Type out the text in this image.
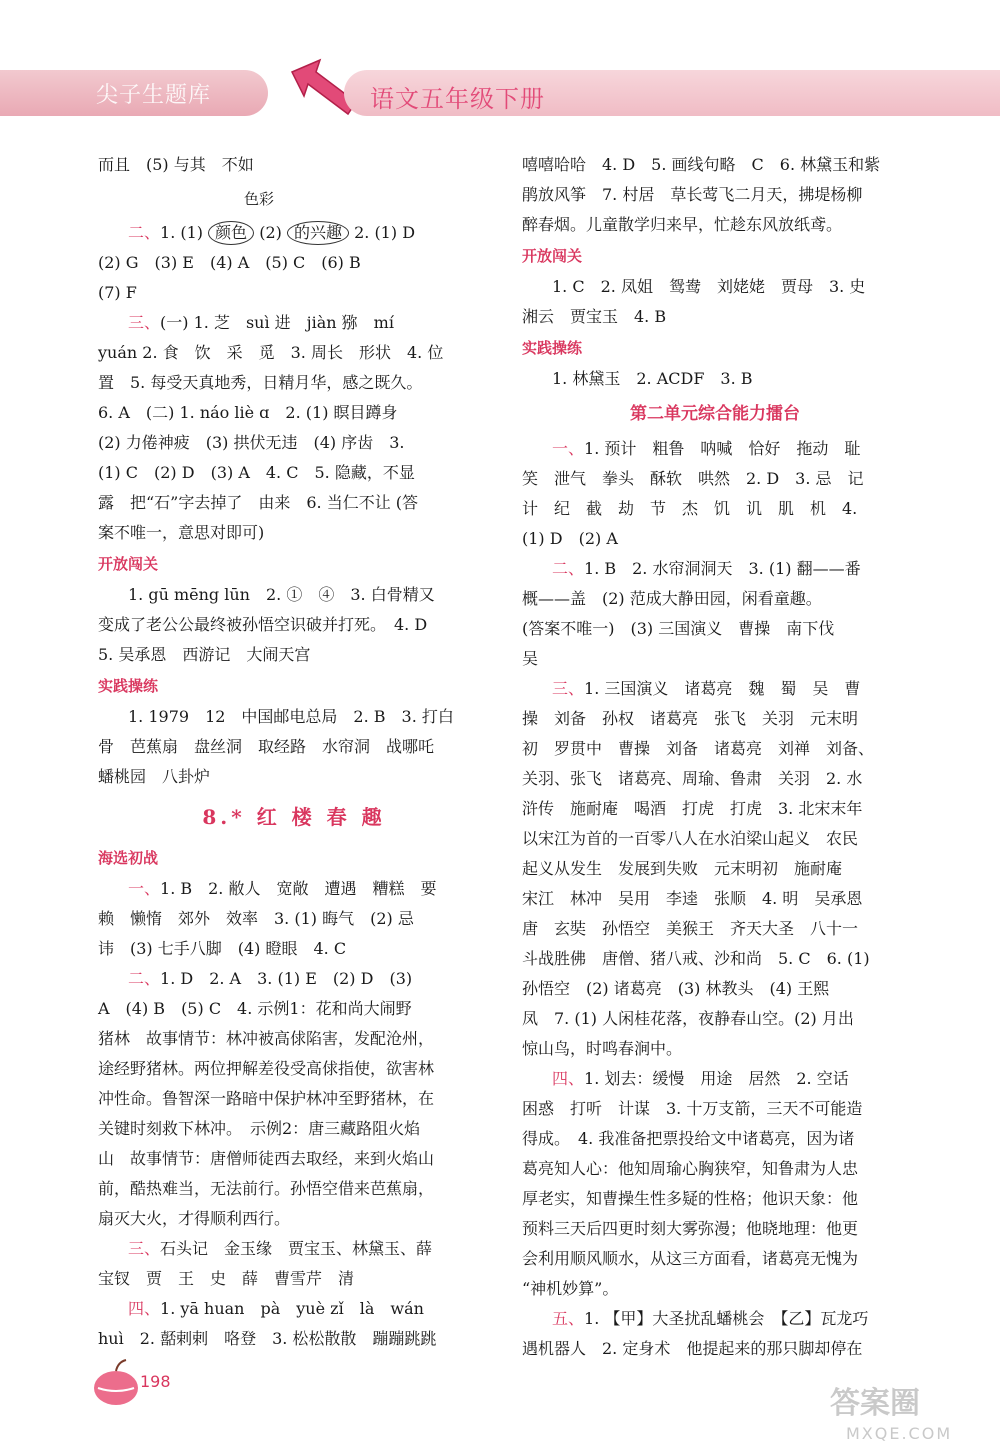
尖子生题库	语文五年级下册
而且　(5) 与其　不如
色彩
二、1. (1) 颜色 (2) 的兴趣 2. (1) D
(2) G　(3) E　(4) A　(5) C　(6) B
(7) F
三、(一) 1. 芝　suì 进　jiàn 猕　mí
yuán 2. 食　饮　采　觅　3. 周长　形状　4. 位
置　5. 每受天真地秀，日精月华，感之既久。
6. A　(二) 1. náo liè ɑ　2. (1) 瞑目蹲身
(2) 力倦神疲　(3) 拱伏无违　(4) 序齿　3.
(1) C　(2) D　(3) A　4. C　5. 隐藏，不显
露　把“石”字去掉了　由来　6. 当仁不让 (答
案不唯一，意思对即可)
开放闯关
1. gū mēng lūn　2. ①　④　3. 白骨精又
变成了老公公最终被孙悟空识破并打死。　4. D
5. 吴承恩　西游记　大闹天宫
实践操练
1. 1979　12　中国邮电总局　2. B　3. 打白
骨　芭蕉扇　盘丝洞　取经路　水帘洞　战哪吒
蟠桃园　八卦炉
8.* 红 楼 春 趣
海选初战
一、1. B　2. 敝人　宽敞　遭遇　糟糕　要
赖　懒惰　郊外　效率　3. (1) 晦气　(2) 忌
讳　(3) 七手八脚　(4) 瞪眼　4. C
二、1. D　2. A　3. (1) E　(2) D　(3)
A　(4) B　(5) C　4. 示例1：花和尚大闹野
猪林　故事情节：林冲被高俅陷害，发配沧州，
途经野猪林。两位押解差役受高俅指使，欲害林
冲性命。鲁智深一路暗中保护林冲至野猪林，在
关键时刻救下林冲。　示例2：唐三藏路阻火焰
山　故事情节：唐僧师徒西去取经，来到火焰山
前，酷热难当，无法前行。孙悟空借来芭蕉扇，
扇灭大火，才得顺利西行。
三、石头记　金玉缘　贾宝玉、林黛玉、薛
宝钗　贾　王　史　薛　曹雪芹　清
四、1. yā huan　pà　yuè zǐ　là　wán
huì　2. 嚭剌剌　咯登　3. 松松散散　蹦蹦跳跳
嘻嘻哈哈　4. D　5. 画线句略　C　6. 林黛玉和紫
鹃放风筝　7. 村居　草长莺飞二月天，拂堤杨柳
醉春烟。儿童散学归来早，忙趁东风放纸鸢。
开放闯关
1. C　2. 凤姐　鸳鸯　刘姥姥　贾母　3. 史
湘云　贾宝玉　4. B
实践操练
1. 林黛玉　2. ACDF　3. B
第二单元综合能力擂台
一、1. 预计　粗鲁　呐喊　恰好　拖动　耻
笑　泄气　拳头　酥软　哄然　2. D　3. 忌　记
计　纪　截　劫　节　杰　饥　讥　肌　机　4.
(1) D　(2) A
二、1. B　2. 水帘洞洞天　3. (1) 翻——番
概——盖　(2) 范成大静田园，闲看童趣。
(答案不唯一)　(3) 三国演义　曹操　南下伐
吴
三、1. 三国演义　诸葛亮　魏　蜀　吴　曹
操　刘备　孙权　诸葛亮　张飞　关羽　元末明
初　罗贯中　曹操　刘备　诸葛亮　刘禅　刘备、
关羽、张飞　诸葛亮、周瑜、鲁肃　关羽　2. 水
浒传　施耐庵　喝酒　打虎　打虎　3. 北宋末年
以宋江为首的一百零八人在水泊梁山起义　农民
起义从发生　发展到失败　元末明初　施耐庵
宋江　林冲　吴用　李逵　张顺　4. 明　吴承恩
唐　玄奘　孙悟空　美猴王　齐天大圣　八十一
斗战胜佛　唐僧、猪八戒、沙和尚　5. C　6. (1)
孙悟空　(2) 诸葛亮　(3) 林教头　(4) 王熙
凤　7. (1) 人闲桂花落，夜静春山空。(2) 月出
惊山鸟，时鸣春涧中。
四、1. 划去：缓慢　用途　居然　2. 空话
困惑　打听　计谋　3. 十万支箭，三天不可能造
得成。　4. 我准备把票投给文中诸葛亮，因为诸
葛亮知人心：他知周瑜心胸狭窄，知鲁肃为人忠
厚老实，知曹操生性多疑的性格；他识天象：他
预料三天后四更时刻大雾弥漫；他晓地理：他更
会利用顺风顺水，从这三方面看，诸葛亮无愧为
“神机妙算”。
五、1. 【甲】大圣扰乱蟠桃会　【乙】瓦龙巧
遇机器人　2. 定身术　他提起来的那只脚却停在
198
答案圈
MXQE.COM
